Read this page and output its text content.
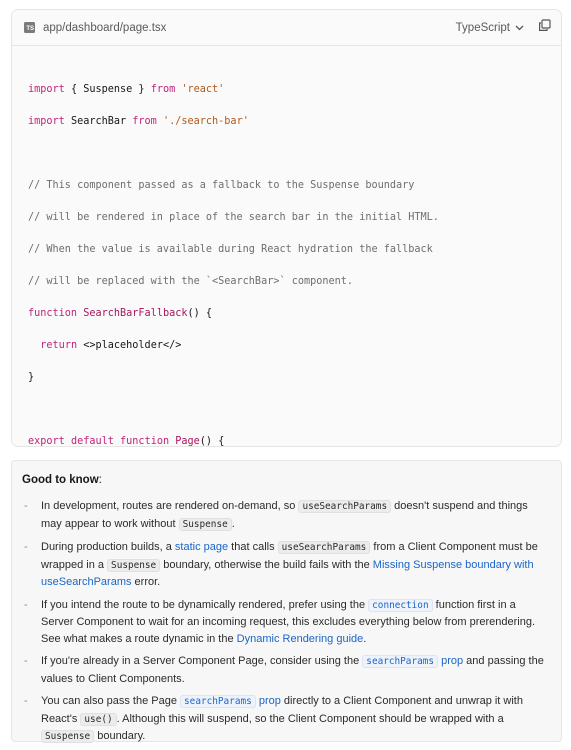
TS app/dashboard/page.tsx	TypeScript

import { Suspense } from 'react'

import SearchBar from './search-bar'

// This component passed as a fallback to the Suspense boundary

// will be rendered in place of the search bar in the initial HTML.

// When the value is available during React hydration the fallback

// will be replaced with the `<SearchBar>` component.

function SearchBarFallback() {

return <>placeholder</>

}

export default function Page() {

Good to know:
- In development, routes are rendered on-demand, so useSearchParams doesn't suspend and things may appear to work without Suspense .
- During production builds, a static page that calls useSearchParams from a Client Component must be wrapped in a Suspense boundary, otherwise the build fails with the Missing Suspense boundary with useSearchParams error.
- If you intend the route to be dynamically rendered, prefer using the connection function first in a Server Component to wait for an incoming request, this excludes everything below from prerendering. See what makes a route dynamic in the Dynamic Rendering guide.
- If you're already in a Server Component Page, consider using the searchParams prop and passing the values to Client Components.
- You can also pass the Page searchParams prop directly to a Client Component and unwrap it with React's use() . Although this will suspend, so the Client Component should be wrapped with a Suspense boundary.
